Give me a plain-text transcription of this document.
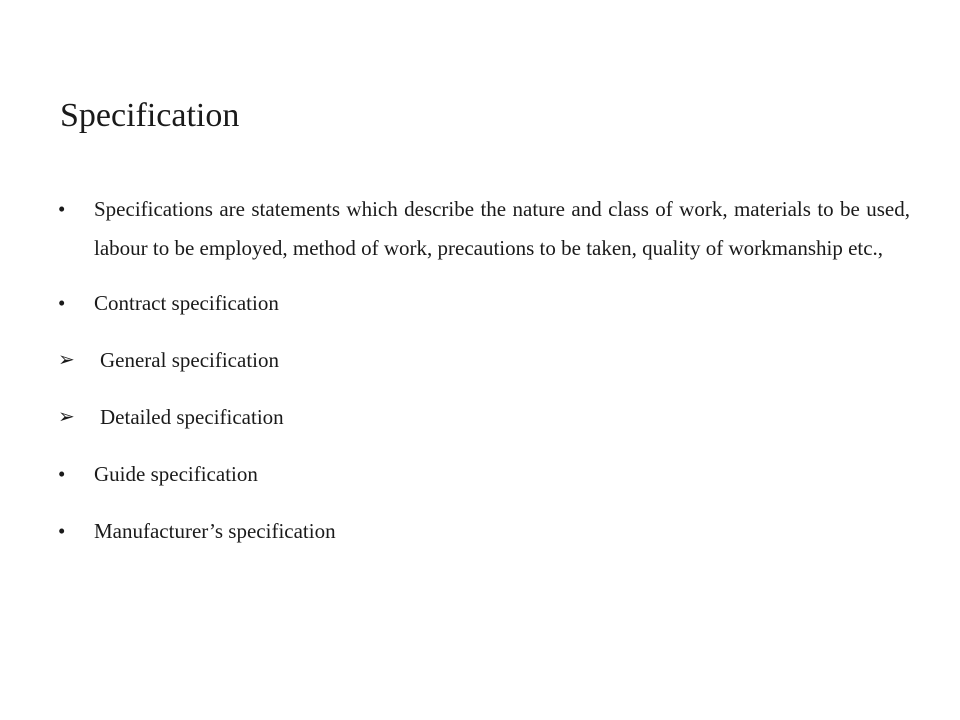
Specification
•	Specifications are statements which describe the nature and class of work, materials to be used, labour to be employed, method of work, precautions to be taken, quality of workmanship etc.,
•	Contract specification
➢	General specification
➢	Detailed specification
•	Guide specification
•	Manufacturer’s specification
